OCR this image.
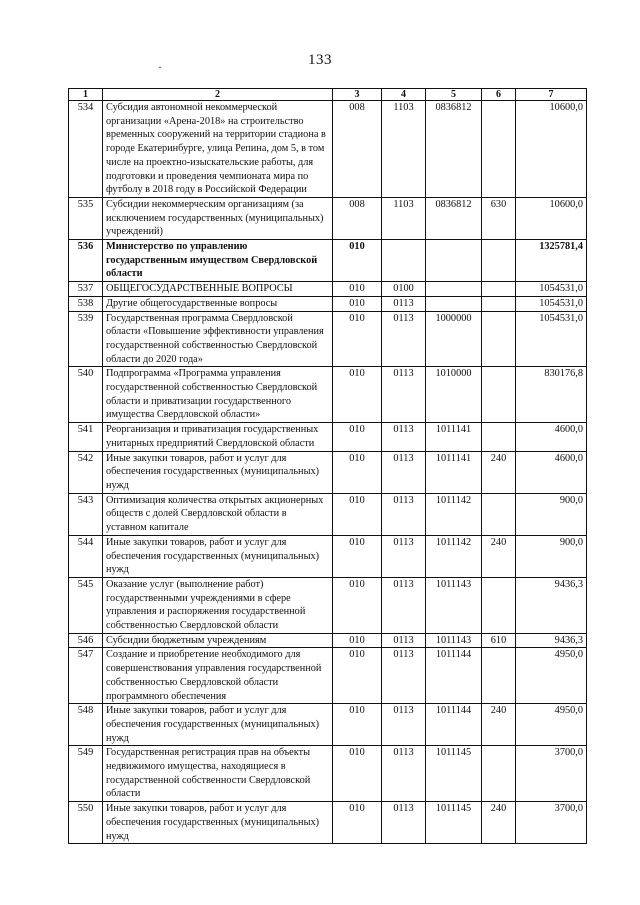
133
·
1	2	3	4	5	6	7
534	Субсидия автономной некоммерческой организации «Арена-2018» на строительство временных сооружений на территории стадиона в городе Екатеринбурге, улица Репина, дом 5, в том числе на проектно-изыскательские работы, для подготовки и проведения чемпионата мира по футболу в 2018 году в Российской Федерации	008	1103	0836812		10600,0
535	Субсидии некоммерческим организациям (за исключением государственных (муниципальных) учреждений)	008	1103	0836812	630	10600,0
536	Министерство по управлению государственным имуществом Свердловской области	010				1325781,4
537	ОБЩЕГОСУДАРСТВЕННЫЕ ВОПРОСЫ	010	0100			1054531,0
538	Другие общегосударственные вопросы	010	0113			1054531,0
539	Государственная программа Свердловской области «Повышение эффективности управления государственной собственностью Свердловской области до 2020 года»	010	0113	1000000		1054531,0
540	Подпрограмма «Программа управления государственной собственностью Свердловской области и приватизации государственного имущества Свердловской области»	010	0113	1010000		830176,8
541	Реорганизация и приватизация государственных унитарных предприятий Свердловской области	010	0113	1011141		4600,0
542	Иные закупки товаров, работ и услуг для обеспечения государственных (муниципальных) нужд	010	0113	1011141	240	4600,0
543	Оптимизация количества открытых акционерных обществ с долей Свердловской области в уставном капитале	010	0113	1011142		900,0
544	Иные закупки товаров, работ и услуг для обеспечения государственных (муниципальных) нужд	010	0113	1011142	240	900,0
545	Оказание услуг (выполнение работ) государственными учреждениями в сфере управления и распоряжения государственной собственностью Свердловской области	010	0113	1011143		9436,3
546	Субсидии бюджетным учреждениям	010	0113	1011143	610	9436,3
547	Создание и приобретение необходимого для совершенствования управления государственной собственностью Свердловской области программного обеспечения	010	0113	1011144		4950,0
548	Иные закупки товаров, работ и услуг для обеспечения государственных (муниципальных) нужд	010	0113	1011144	240	4950,0
549	Государственная регистрация прав на объекты недвижимого имущества, находящиеся в государственной собственности Свердловской области	010	0113	1011145		3700,0
550	Иные закупки товаров, работ и услуг для обеспечения государственных (муниципальных) нужд	010	0113	1011145	240	3700,0
